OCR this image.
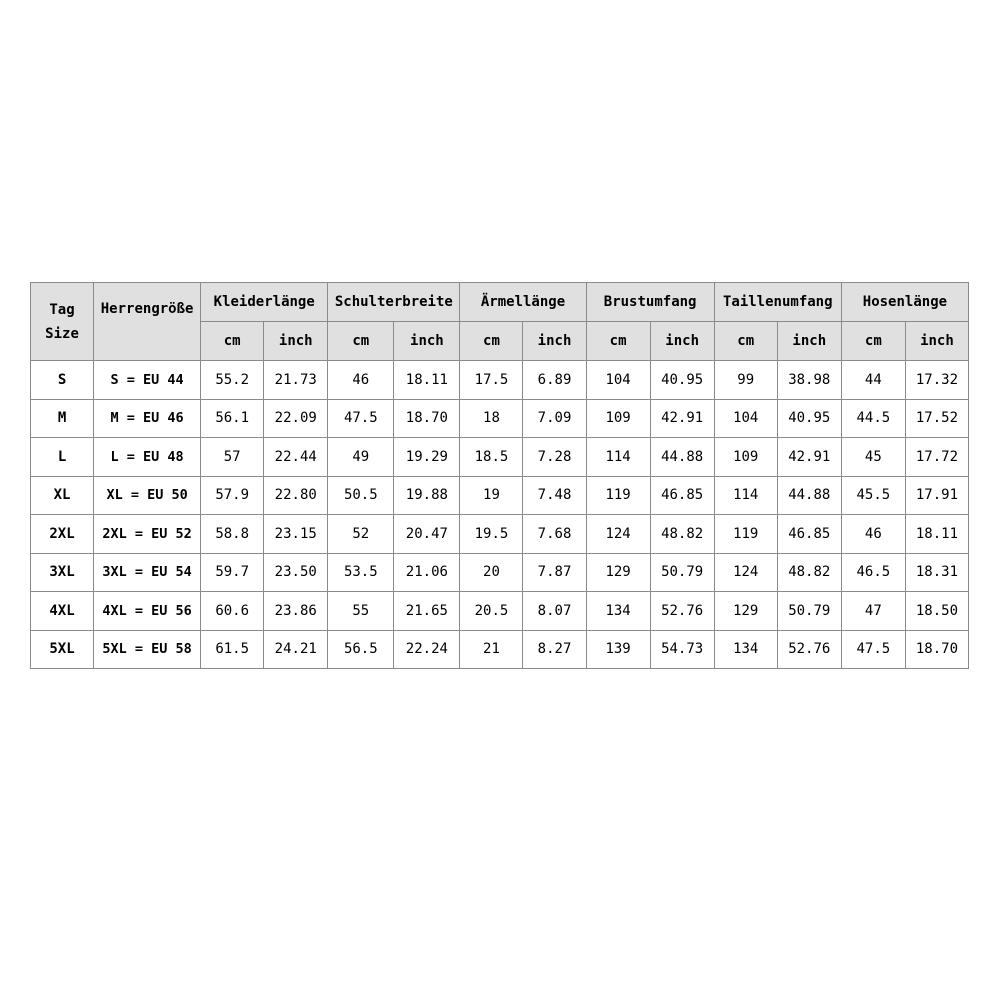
Tag
Size	Herrengröße	Kleiderlänge		Schulterbreite		Ärmellänge		Brustumfang		Taillenumfang		Hosenlänge	
		cm	inch	cm	inch	cm	inch	cm	inch	cm	inch	cm	inch
S	S = EU 44	55.2	21.73	46	18.11	17.5	6.89	104	40.95	99	38.98	44	17.32
M	M = EU 46	56.1	22.09	47.5	18.70	18	7.09	109	42.91	104	40.95	44.5	17.52
L	L = EU 48	57	22.44	49	19.29	18.5	7.28	114	44.88	109	42.91	45	17.72
XL	XL = EU 50	57.9	22.80	50.5	19.88	19	7.48	119	46.85	114	44.88	45.5	17.91
2XL	2XL = EU 52	58.8	23.15	52	20.47	19.5	7.68	124	48.82	119	46.85	46	18.11
3XL	3XL = EU 54	59.7	23.50	53.5	21.06	20	7.87	129	50.79	124	48.82	46.5	18.31
4XL	4XL = EU 56	60.6	23.86	55	21.65	20.5	8.07	134	52.76	129	50.79	47	18.50
5XL	5XL = EU 58	61.5	24.21	56.5	22.24	21	8.27	139	54.73	134	52.76	47.5	18.70
